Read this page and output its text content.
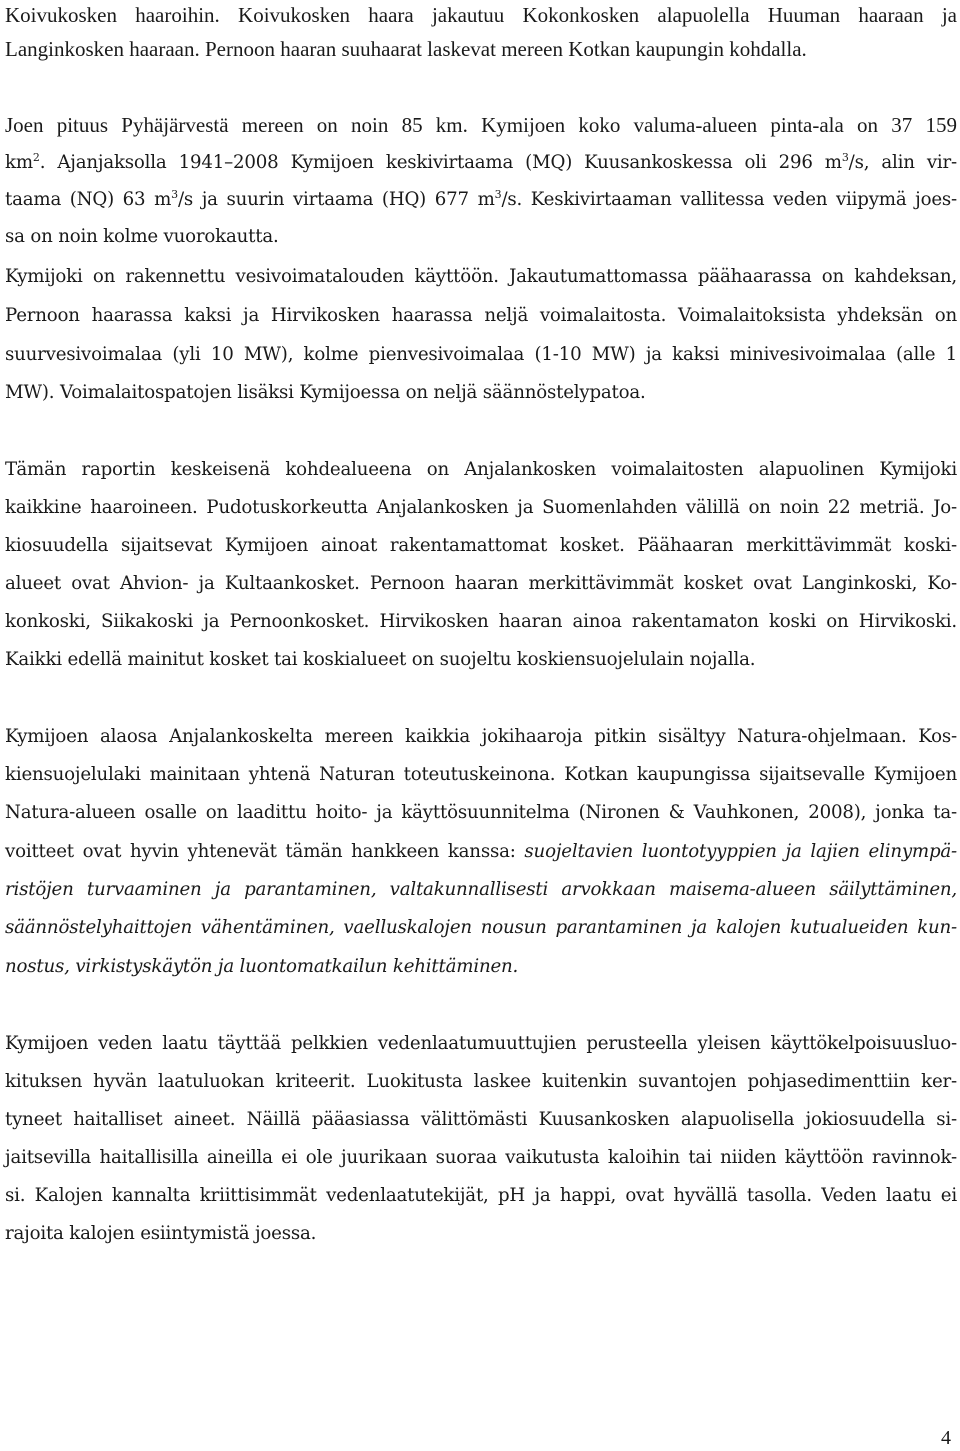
Koivukosken haaroihin. Koivukosken haara jakautuu Kokonkosken alapuolella Huuman haaraan ja
Langinkosken haaraan. Pernoon haaran suuhaarat laskevat mereen Kotkan kaupungin kohdalla.
Joen pituus Pyhäjärvestä mereen on noin 85 km. Kymijoen koko valuma-alueen pinta-ala on 37 159
$km^2$. Ajanjaksolla 1941–2008 Kymijoen keskivirtaama (MQ) Kuusankoskessa oli 296 $m^3/s$, alin vir-
taama (NQ) 63 $m^3/s$ ja suurin virtaama (HQ) 677 $m^3/s$. Keskivirtaaman vallitessa veden viipymä joes-
sa on noin kolme vuorokautta.
Kymijoki on rakennettu vesivoimatalouden käyttöön. Jakautumattomassa päähaarassa on kahdeksan,
Pernoon haarassa kaksi ja Hirvikosken haarassa neljä voimalaitosta. Voimalaitoksista yhdeksän on
suurvesivoimalaa (yli 10 MW), kolme pienvesivoimalaa (1-10 MW) ja kaksi minivesivoimalaa (alle 1
MW). Voimalaitospatojen lisäksi Kymijoessa on neljä säännöstelypatoa.
Tämän raportin keskeisenä kohdealueena on Anjalankosken voimalaitosten alapuolinen Kymijoki
kaikkine haaroineen. Pudotuskorkeutta Anjalankosken ja Suomenlahden välillä on noin 22 metriä. Jo-
kiosuudella sijaitsevat Kymijoen ainoat rakentamattomat kosket. Päähaaran merkittävimmät koski-
alueet ovat Ahvion- ja Kultaankosket. Pernoon haaran merkittävimmät kosket ovat Langinkoski, Ko-
konkoski, Siikakoski ja Pernoonkosket. Hirvikosken haaran ainoa rakentamaton koski on Hirvikoski.
Kaikki edellä mainitut kosket tai koskialueet on suojeltu koskiensuojelulain nojalla.
Kymijoen alaosa Anjalankoskelta mereen kaikkia jokihaaroja pitkin sisältyy Natura-ohjelmaan. Kos-
kiensuojelulaki mainitaan yhtenä Naturan toteutuskeinona. Kotkan kaupungissa sijaitsevalle Kymijoen
Natura-alueen osalle on laadittu hoito- ja käyttösuunnitelma (Nironen & Vauhkonen, 2008), jonka ta-
voitteet ovat hyvin yhtenevät tämän hankkeen kanssa: suojeltavien luontotyyppien ja lajien elinympä-
ristöjen turvaaminen ja parantaminen, valtakunnallisesti arvokkaan maisema-alueen säilyttäminen,
säännöstelyhaittojen vähentäminen, vaelluskalojen nousun parantaminen ja kalojen kutualueiden kun-
nostus, virkistyskäytön ja luontomatkailun kehittäminen.
Kymijoen veden laatu täyttää pelkkien vedenlaatumuuttujien perusteella yleisen käyttökelpoisuusluo-
kituksen hyvän laatuluokan kriteerit. Luokitusta laskee kuitenkin suvantojen pohjasedimenttiin ker-
tyneet haitalliset aineet. Näillä pääasiassa välittömästi Kuusankosken alapuolisella jokiosuudella si-
jaitsevilla haitallisilla aineilla ei ole juurikaan suoraa vaikutusta kaloihin tai niiden käyttöön ravinnok-
si. Kalojen kannalta kriittisimmät vedenlaatutekijät, pH ja happi, ovat hyvällä tasolla. Veden laatu ei
rajoita kalojen esiintymistä joessa.
4
